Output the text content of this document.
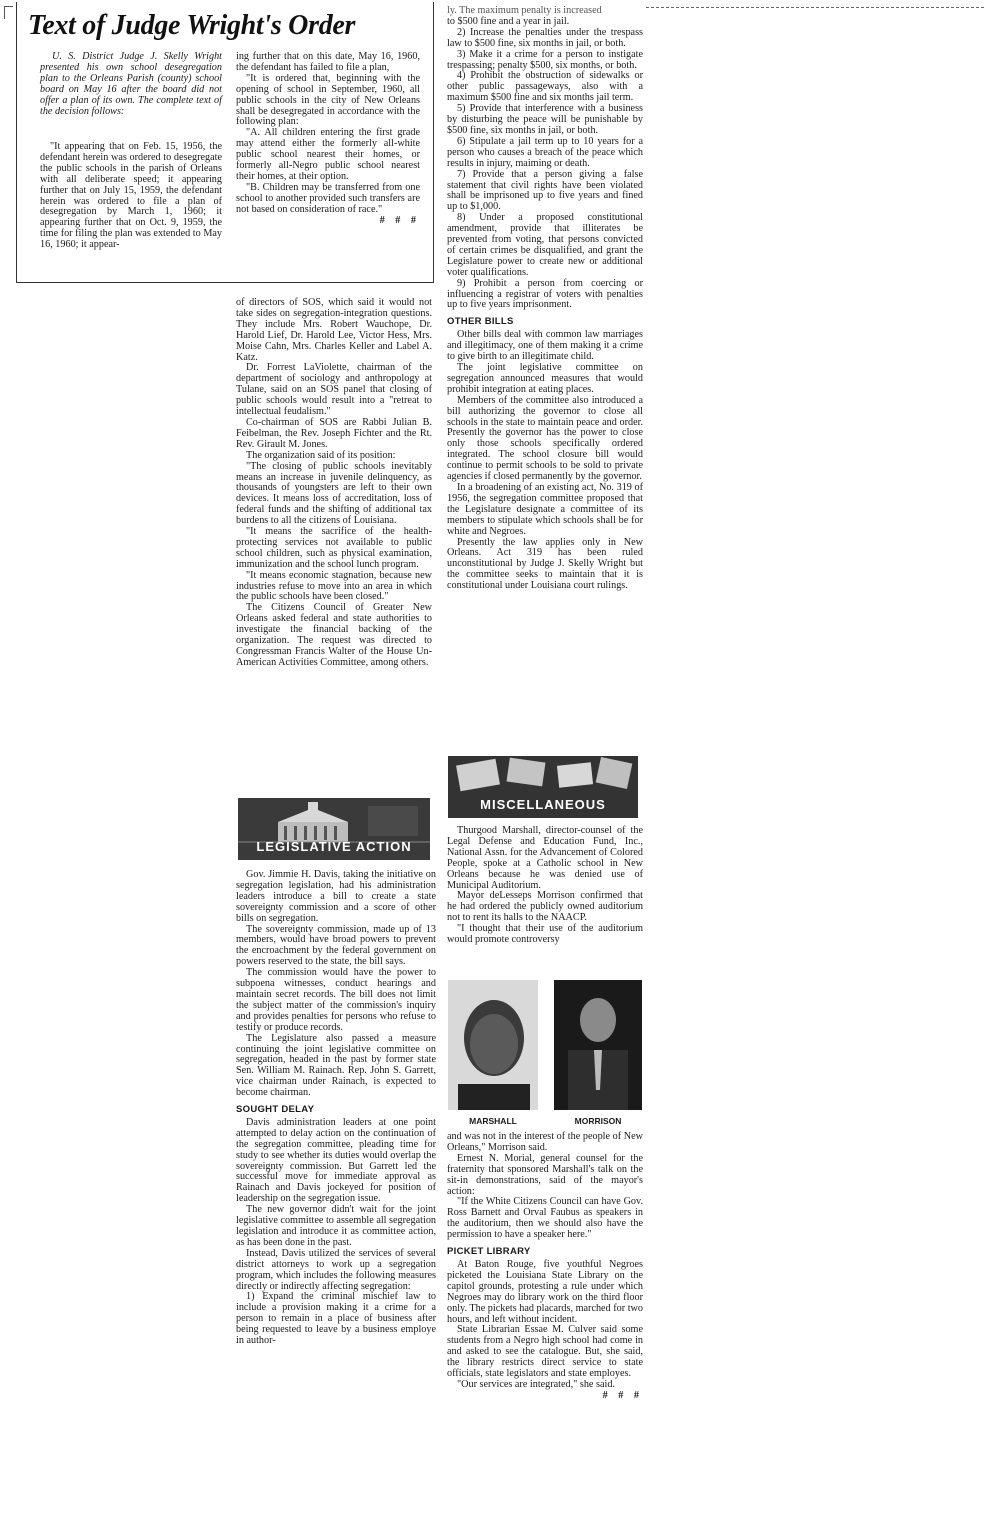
Text of Judge Wright's Order

U. S. District Judge J. Skelly Wright presented his own school desegregation plan to the Orleans Parish (county) school board on May 16 after the board did not offer a plan of its own. The complete text of the decision follows:

"It appearing that on Feb. 15, 1956, the defendant herein was ordered to desegregate the public schools in the parish of Orleans with all deliberate speed; it appearing further that on July 15, 1959, the defendant herein was ordered to file a plan of desegregation by March 1, 1960; it appearing further that on Oct. 9, 1959, the time for filing the plan was extended to May 16, 1960; it appear-

ing further that on this date, May 16, 1960, the defendant has failed to file a plan,

"It is ordered that, beginning with the opening of school in September, 1960, all public schools in the city of New Orleans shall be desegregated in accordance with the following plan:

"A. All children entering the first grade may attend either the formerly all-white public school nearest their homes, or formerly all-Negro public school nearest their homes, at their option.

"B. Children may be transferred from one school to another provided such transfers are not based on consideration of race."

# # #

ly. The maximum penalty is increased

to $500 fine and a year in jail.

2) Increase the penalties under the trespass law to $500 fine, six months in jail, or both.

3) Make it a crime for a person to instigate trespassing; penalty $500, six months, or both.

4) Prohibit the obstruction of sidewalks or other public passageways, also with a maximum $500 fine and six months jail term.

5) Provide that interference with a business by disturbing the peace will be punishable by $500 fine, six months in jail, or both.

6) Stipulate a jail term up to 10 years for a person who causes a breach of the peace which results in injury, maiming or death.

7) Provide that a person giving a false statement that civil rights have been violated shall be imprisoned up to five years and fined up to $1,000.

8) Under a proposed constitutional amendment, provide that illiterates be prevented from voting, that persons convicted of certain crimes be disqualified, and grant the Legislature power to create new or additional voter qualifications.

9) Prohibit a person from coercing or influencing a registrar of voters with penalties up to five years imprisonment.

OTHER BILLS

Other bills deal with common law marriages and illegitimacy, one of them making it a crime to give birth to an illegitimate child.

The joint legislative committee on segregation announced measures that would prohibit integration at eating places.

Members of the committee also introduced a bill authorizing the governor to close all schools in the state to maintain peace and order. Presently the governor has the power to close only those schools specifically ordered integrated. The school closure bill would continue to permit schools to be sold to private agencies if closed permanently by the governor.

In a broadening of an existing act, No. 319 of 1956, the segregation committee proposed that the Legislature designate a committee of its members to stipulate which schools shall be for white and Negroes.

Presently the law applies only in New Orleans. Act 319 has been ruled unconstitutional by Judge J. Skelly Wright but the committee seeks to maintain that it is constitutional under Louisiana court rulings.

of directors of SOS, which said it would not take sides on segregation-integration questions. They include Mrs. Robert Wauchope, Dr. Harold Lief, Dr. Harold Lee, Victor Hess, Mrs. Moise Cahn, Mrs. Charles Keller and Label A. Katz.

Dr. Forrest LaViolette, chairman of the department of sociology and anthropology at Tulane, said on an SOS panel that closing of public schools would result into a "retreat to intellectual feudalism."

Co-chairman of SOS are Rabbi Julian B. Feibelman, the Rev. Joseph Fichter and the Rt. Rev. Girault M. Jones.

The organization said of its position:

"The closing of public schools inevitably means an increase in juvenile delinquency, as thousands of youngsters are left to their own devices. It means loss of accreditation, loss of federal funds and the shifting of additional tax burdens to all the citizens of Louisiana.

"It means the sacrifice of the health-protecting services not available to public school children, such as physical examination, immunization and the school lunch program.

"It means economic stagnation, because new industries refuse to move into an area in which the public schools have been closed."

The Citizens Council of Greater New Orleans asked federal and state authorities to investigate the financial backing of the organization. The request was directed to Congressman Francis Walter of the House Un-American Activities Committee, among others.

LEGISLATIVE ACTION

Gov. Jimmie H. Davis, taking the initiative on segregation legislation, had his administration leaders introduce a bill to create a state sovereignty commission and a score of other bills on segregation.

The sovereignty commission, made up of 13 members, would have broad powers to prevent the encroachment by the federal government on powers reserved to the state, the bill says.

The commission would have the power to subpoena witnesses, conduct hearings and maintain secret records. The bill does not limit the subject matter of the commission's inquiry and provides penalties for persons who refuse to testify or produce records.

The Legislature also passed a measure continuing the joint legislative committee on segregation, headed in the past by former state Sen. William M. Rainach. Rep. John S. Garrett, vice chairman under Rainach, is expected to become chairman.

SOUGHT DELAY

Davis administration leaders at one point attempted to delay action on the continuation of the segregation committee, pleading time for study to see whether its duties would overlap the sovereignty commission. But Garrett led the successful move for immediate approval as Rainach and Davis jockeyed for position of leadership on the segregation issue.

The new governor didn't wait for the joint legislative committee to assemble all segregation legislation and introduce it as committee action, as has been done in the past.

Instead, Davis utilized the services of several district attorneys to work up a segregation program, which includes the following measures directly or indirectly affecting segregation:

1) Expand the criminal mischief law to include a provision making it a crime for a person to remain in a place of business after being requested to leave by a business employe in author-

MISCELLANEOUS

Thurgood Marshall, director-counsel of the Legal Defense and Education Fund, Inc., National Assn. for the Advancement of Colored People, spoke at a Catholic school in New Orleans because he was denied use of Municipal Auditorium.

Mayor deLesseps Morrison confirmed that he had ordered the publicly owned auditorium not to rent its halls to the NAACP.

"I thought that their use of the auditorium would promote controversy

MARSHALL	MORRISON

and was not in the interest of the people of New Orleans," Morrison said.

Ernest N. Morial, general counsel for the fraternity that sponsored Marshall's talk on the sit-in demonstrations, said of the mayor's action:

"If the White Citizens Council can have Gov. Ross Barnett and Orval Faubus as speakers in the auditorium, then we should also have the permission to have a speaker here."

PICKET LIBRARY

At Baton Rouge, five youthful Negroes picketed the Louisiana State Library on the capitol grounds, protesting a rule under which Negroes may do library work on the third floor only. The pickets had placards, marched for two hours, and left without incident.

State Librarian Essae M. Culver said some students from a Negro high school had come in and asked to see the catalogue. But, she said, the library restricts direct service to state officials, state legislators and state employes.

"Our services are integrated," she said.

# # #
